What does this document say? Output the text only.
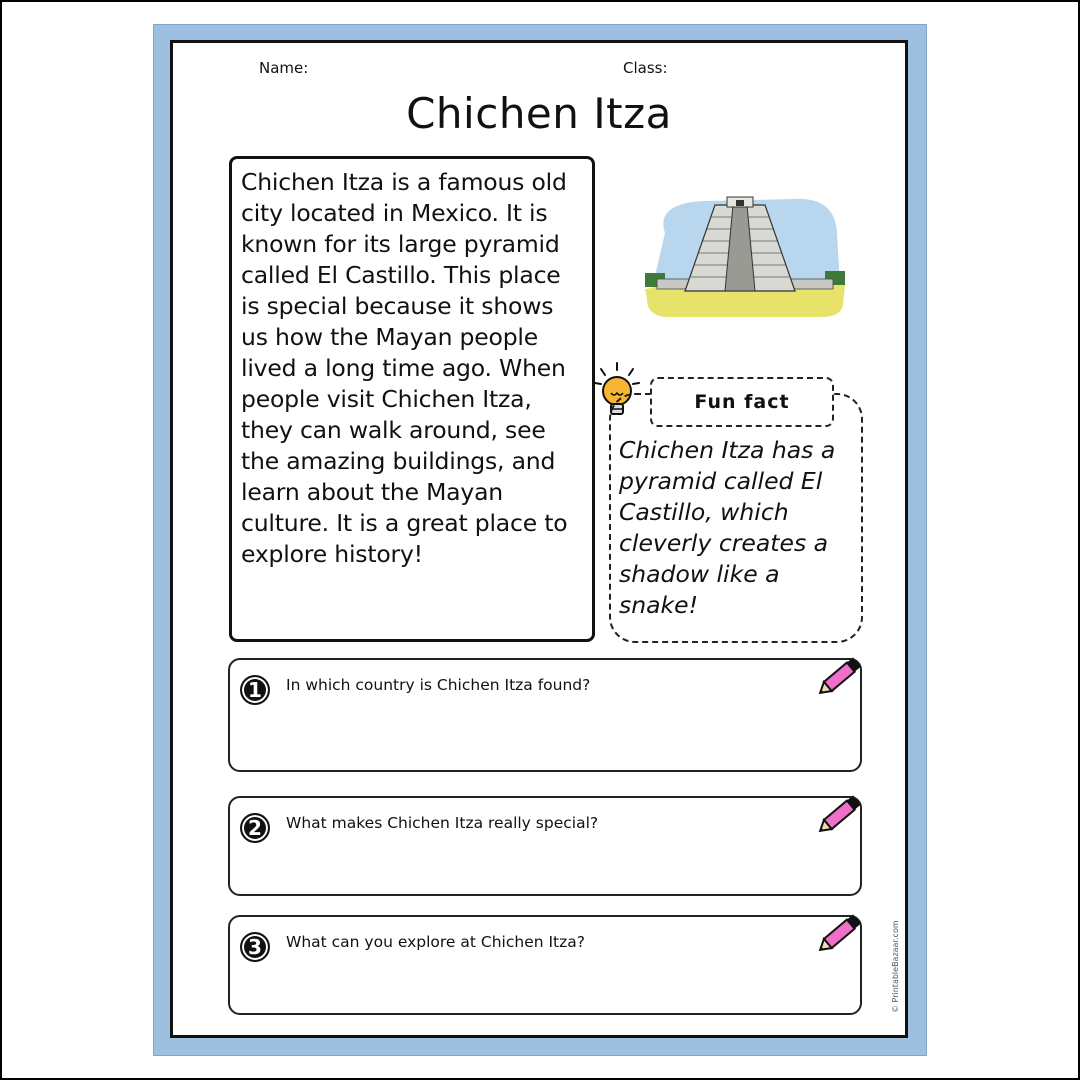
Name:	Class:
Chichen Itza

Chichen Itza is a famous old city located in Mexico. It is known for its large pyramid called El Castillo. This place is special because it shows us how the Mayan people lived a long time ago. When people visit Chichen Itza, they can walk around, see the amazing buildings, and learn about the Mayan culture. It is a great place to explore history!

Fun fact

Chichen Itza has a pyramid called El Castillo, which cleverly creates a shadow like a snake!

1	In which country is Chichen Itza found?
2	What makes Chichen Itza really special?
3	What can you explore at Chichen Itza?	© PrintableBazaar.com
